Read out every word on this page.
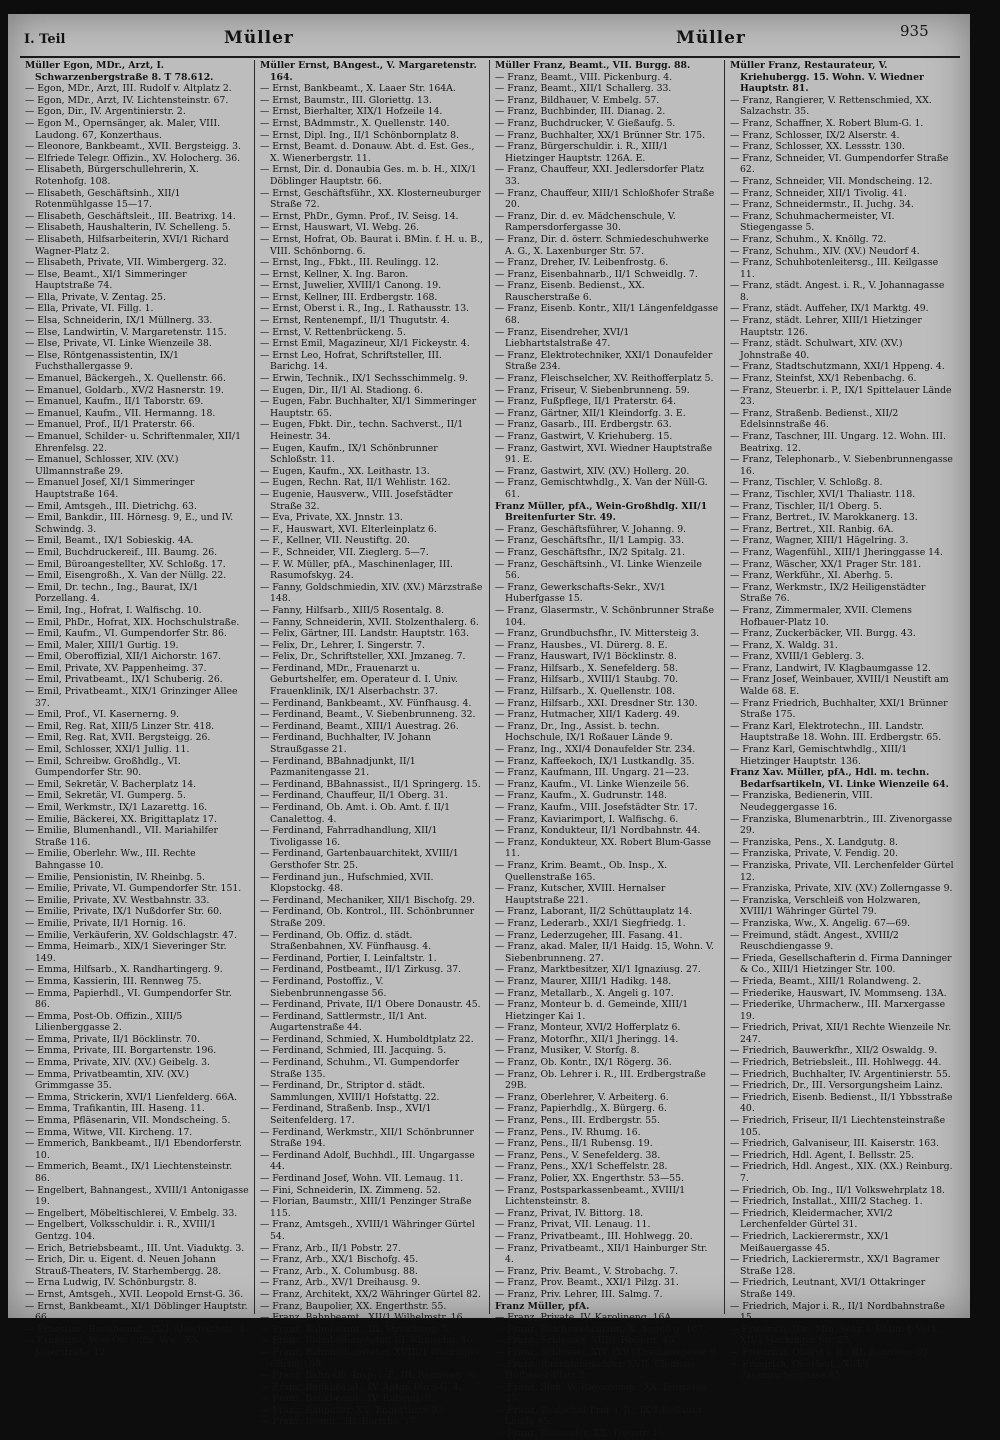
I. Teil	Müller	Müller	935

Müller Egon, MDr., Arzt, I. Schwarzenbergstraße 8. T 78.612.

— Egon, MDr., Arzt, III. Rudolf v. Altplatz 2.

— Egon, MDr., Arzt, IV. Lichtensteinstr. 67.

— Egon, Dir., IV. Argentinierstr. 2.

— Egon M., Opernsänger, ak. Maler, VIII. Laudong. 67, Konzerthaus.

— Eleonore, Bankbeamt., XVII. Bergsteigg. 3.

— Elfriede Telegr. Offizin., XV. Holocherg. 36.

— Elisabeth, Bürgerschullehrerin, X. Rotenhofg. 108.

— Elisabeth, Geschäftsinh., XII/1 Rotenmühlgasse 15—17.

— Elisabeth, Geschäftsleit., III. Beatrixg. 14.

— Elisabeth, Haushalterin, IV. Schelleng. 5.

— Elisabeth, Hilfsarbeiterin, XVI/1 Richard Wagner-Platz 2.

— Elisabeth, Private, VII. Wimbergerg. 32.

— Else, Beamt., XI/1 Simmeringer Hauptstraße 74.

— Ella, Private, V. Zentag. 25.

— Ella, Private, VI. Fillg. 1.

— Elsa, Schneiderin, IX/1 Müllnerg. 33.

— Else, Landwirtin, V. Margaretenstr. 115.

— Else, Private, VI. Linke Wienzeile 38.

— Else, Röntgenassistentin, IX/1 Fuchsthallergasse 9.

— Emanuel, Bäckergeh., X. Quellenstr. 66.

— Emanuel, Goldarb., XV/2 Hasnerstr. 19.

— Emanuel, Kaufm., II/1 Taborstr. 69.

— Emanuel, Kaufm., VII. Hermanng. 18.

— Emanuel, Prof., II/1 Praterstr. 66.

— Emanuel, Schilder- u. Schriftenmaler, XII/1 Ehrenfelsg. 22.

— Emanuel, Schlosser, XIV. (XV.) Ullmannstraße 29.

— Emanuel Josef, XI/1 Simmeringer Hauptstraße 164.

— Emil, Amtsgeh., III. Dietrichg. 63.

— Emil, Bankdir., III. Hörnesg. 9, E., und IV. Schwindg. 3.

— Emil, Beamt., IX/1 Sobieskig. 4A.

— Emil, Buchdruckereif., III. Baumg. 26.

— Emil, Büroangestellter, XV. Schloßg. 17.

— Emil, Eisengroßh., X. Van der Nüllg. 22.

— Emil, Dr. techn., Ing., Baurat, IX/1 Porzellang. 4.

— Emil, Ing., Hofrat, I. Walfischg. 10.

— Emil, PhDr., Hofrat, XIX. Hochschulstraße.

— Emil, Kaufm., VI. Gumpendorfer Str. 86.

— Emil, Maler, XIII/1 Gurtig. 19.

— Emil, Oberoffizial, XII/1 Aichorstr. 167.

— Emil, Private, XV. Pappenheimg. 37.

— Emil, Privatbeamt., IX/1 Schuberig. 26.

— Emil, Privatbeamt., XIX/1 Grinzinger Allee 37.

— Emil, Prof., VI. Kasernerng. 9.

— Emil, Reg. Rat, XIII/5 Linzer Str. 418.

— Emil, Reg. Rat, XVII. Bergsteigg. 26.

— Emil, Schlosser, XXI/1 Jullig. 11.

— Emil, Schreibw. Großhdlg., VI. Gumpendorfer Str. 90.

— Emil, Sekretär, V. Bacherplatz 14.

— Emil, Sekretär, VI. Gumperg. 5.

— Emil, Werkmstr., IX/1 Lazarettg. 16.

— Emilie, Bäckerei, XX. Brigittaplatz 17.

— Emilie, Blumenhandl., VII. Mariahilfer Straße 116.

— Emilie, Oberlehr. Ww., III. Rechte Bahngasse 10.

— Emilie, Pensionistin, IV. Rheinbg. 5.

— Emilie, Private, VI. Gumpendorfer Str. 151.

— Emilie, Private, XV. Westbahnstr. 33.

— Emilie, Private, IX/1 Nußdorfer Str. 60.

— Emilie, Private, II/1 Hornig. 16.

— Emilie, Verkäuferin, XV. Goldschlagstr. 47.

— Emma, Heimarb., XIX/1 Sieveringer Str. 149.

— Emma, Hilfsarb., X. Randhartingerg. 9.

— Emma, Kassierin, III. Rennweg 75.

— Emma, Papierhdl., VI. Gumpendorfer Str. 86.

— Emma, Post-Ob. Offizin., XIII/5 Lilienberggasse 2.

— Emma, Private, II/1 Böcklinstr. 70.

— Emma, Private, III. Borgartenstr. 196.

— Emma, Private, XIV. (XV.) Geibelg. 3.

— Emma, Privatbeamtin, XIV. (XV.) Grimmgasse 35.

— Emma, Strickerin, XVI/1 Lienfelderg. 66A.

— Emma, Trafikantin, III. Haseng. 11.

— Emma, Pfläsenarin, VII. Mondscheing. 5.

— Emma, Witwe, VII. Kircheng. 17.

— Emmerich, Bankbeamt., II/1 Ebendorferstr. 10.

— Emmerich, Beamt., IX/1 Liechtensteinstr. 86.

— Engelbert, Bahnangest., XVIII/1 Antonigasse 19.

— Engelbert, Möbeltischlerei, V. Embelg. 33.

— Engelbert, Volksschuldir. i. R., XVIII/1 Gentzg. 104.

— Erich, Betriebsbeamt., III. Unt. Viaduktg. 3.

— Erich, Dir. u. Eigent. d. Neuen Johann Strauß-Theaters, IV. Starhembergg. 28.

— Erna Ludwig, IV. Schönburgstr. 8.

— Ernst, Amtsgeh., XVII. Leopold Ernst-G. 36.

— Ernst, Bankbeamt., XI/1 Döblinger Hauptstr. 66.

— Ernestine, Bankbeamt., IX/1 Alserbachstr. 3.

— Ernestine, Post-Ob. Offiz. Ww., XX. Jägerstraße 12.

Müller Ernst, BAngest., V. Margaretenstr. 164.

— Ernst, Bankbeamt., X. Laaer Str. 164A.

— Ernst, Baumstr., III. Gloriettg. 13.

— Ernst, Bierhalter, XIX/1 Hofzeile 14.

— Ernst, BAdmmstr., X. Quellenstr. 140.

— Ernst, Dipl. Ing., II/1 Schönbornplatz 8.

— Ernst, Beamt. d. Donauw. Abt. d. Est. Ges., X. Wienerbergstr. 11.

— Ernst, Dir. d. Donaubia Ges. m. b. H., XIX/1 Döblinger Hauptstr. 66.

— Ernst, Geschäftsführ., XX. Klosterneuburger Straße 72.

— Ernst, PhDr., Gymn. Prof., IV. Seisg. 14.

— Ernst, Hauswart, VI. Webg. 26.

— Ernst, Hofrat, Ob. Baurat i. BMin. f. H. u. B., VIII. Schönborng. 6.

— Ernst, Ing., Fbkt., III. Reulingg. 12.

— Ernst, Kellner, X. Ing. Baron.

— Ernst, Juwelier, XVIII/1 Canong. 19.

— Ernst, Kellner, III. Erdbergstr. 168.

— Ernst, Oberst i. R., Ing., I. Rathausstr. 13.

— Ernst, Rentenempf., II/1 Thugutstr. 4.

— Ernst, V. Rettenbrückeng. 5.

— Ernst Emil, Magazineur, XI/1 Fickeystr. 4.

— Ernst Leo, Hofrat, Schriftsteller, III. Barichg. 14.

— Erwin, Technik., IX/1 Sechsschimmelg. 9.

— Eugen, Dir., II/1 Al. Stadiong. 6.

— Eugen, Fabr. Buchhalter, XI/1 Simmeringer Hauptstr. 65.

— Eugen, Fbkt. Dir., techn. Sachverst., II/1 Heinestr. 34.

— Eugen, Kaufm., IX/1 Schönbrunner Schloßstr. 11.

— Eugen, Kaufm., XX. Leithastr. 13.

— Eugen, Rechn. Rat, II/1 Wehlistr. 162.

— Eugenie, Hausverw., VIII. Josefstädter Straße 32.

— Eva, Private, XX. Jnnstr. 13.

— F., Hauswart, XVI. Elterleinplatz 6.

— F., Kellner, VII. Neustiftg. 20.

— F., Schneider, VII. Zieglerg. 5—7.

— F. W. Müller, pfA., Maschinenlager, III. Rasumofskyg. 24.

— Fanny, Goldschmiedin, XIV. (XV.) Märzstraße 148.

— Fanny, Hilfsarb., XIII/5 Rosentalg. 8.

— Fanny, Schneiderin, XVII. Stolzenthalerg. 6.

— Felix, Gärtner, III. Landstr. Hauptstr. 163.

— Felix, Dr., Lehrer, I. Singerstr. 7.

— Felix, Dr., Schriftsteller, XXI. Jmzaneg. 7.

— Ferdinand, MDr., Frauenarzt u. Geburtshelfer, em. Operateur d. I. Univ. Frauenklinik, IX/1 Alserbachstr. 37.

— Ferdinand, Bankbeamt., XV. Fünfhausg. 4.

— Ferdinand, Beamt., V. Siebenbrunneng. 32.

— Ferdinand, Beamt., XIII/1 Auestrag. 26.

— Ferdinand, Buchhalter, IV. Johann Straußgasse 21.

— Ferdinand, BBahnadjunkt, II/1 Pazmanitengasse 21.

— Ferdinand, BBahnassist., II/1 Springerg. 15.

— Ferdinand, Chauffeur, II/1 Oberg. 31.

— Ferdinand, Ob. Amt. i. Ob. Amt. f. II/1 Canalettog. 4.

— Ferdinand, Fahrradhandlung, XII/1 Tivoligasse 16.

— Ferdinand, Gartenbauarchitekt, XVIII/1 Gersthofer Str. 25.

— Ferdinand jun., Hufschmied, XVII. Klopstockg. 48.

— Ferdinand, Mechaniker, XII/1 Bischofg. 29.

— Ferdinand, Ob. Kontrol., III. Schönbrunner Straße 209.

— Ferdinand, Ob. Offiz. d. städt. Straßenbahnen, XV. Fünfhausg. 4.

— Ferdinand, Portier, I. Leinfaltstr. 1.

— Ferdinand, Postbeamt., II/1 Zirkusg. 37.

— Ferdinand, Postoffiz., V. Siebenbrunnengasse 56.

— Ferdinand, Private, II/1 Obere Donaustr. 45.

— Ferdinand, Sattlermstr., II/1 Ant. Augartenstraße 44.

— Ferdinand, Schmied, X. Humboldtplatz 22.

— Ferdinand, Schmied, III. Jacquing. 5.

— Ferdinand, Schuhm., VI. Gumpendorfer Straße 135.

— Ferdinand, Dr., Striptor d. städt. Sammlungen, XVIII/1 Hofstattg. 22.

— Ferdinand, Straßenb. Insp., XVI/1 Seitenfelderg. 17.

— Ferdinand, Werkmstr., XII/1 Schönbrunner Straße 194.

— Ferdinand Adolf, Buchhdl., III. Ungargasse 44.

— Ferdinand Josef, Wohn. VII. Lemaug. 11.

— Fini, Schneiderin, IX. Zimmeng. 52.

— Florian, Baumstr., XIII/1 Penzinger Straße 115.

— Franz, Amtsgeh., XVIII/1 Währinger Gürtel 54.

— Franz, Arb., II/1 Pobstr. 27.

— Franz, Arb., XX/1 Bischofg. 45.

— Franz, Arb., X. Columbusg. 88.

— Franz, Arb., XV/1 Dreihausg. 9.

— Franz, Architekt, XX/2 Währinger Gürtel 82.

— Franz, Baupolier, XX. Engerthstr. 55.

— Franz, Bahnbeamt., XII/1 Wilhelmstr. 16.

— Franz, Bahnbeamt., III. Streicherg. 5.

— Franz, Bahnbediensteter, III. Klimschg. 40.

— Franz, Bahnbediensteter, XVIII/1 Währinger Gürtel 160.

— Franz, Bahn-Ob. Insp. i. P., III. Rennweg 96.

— Franz, Bankbeamt., IV. Anton Burg-G. 4.

— Franz, Bankbeamt., IV. Rubeng. 9.

— Franz, Baupolier, XX. Engerthstr. 93.

— Franz, Beamt., III. Baricha. 17.

Müller Franz, Beamt., VII. Burgg. 88.

— Franz, Beamt., VIII. Pickenburg. 4.

— Franz, Beamt., XII/1 Schallerg. 33.

— Franz, Bildhauer, V. Embelg. 57.

— Franz, Buchbinder, III. Dianag. 2.

— Franz, Buchdrucker, V. Gießaufg. 5.

— Franz, Buchhalter, XX/1 Brünner Str. 175.

— Franz, Bürgerschuldir. i. R., XIII/1 Hietzinger Hauptstr. 126A. E.

— Franz, Chauffeur, XXI. Jedlersdorfer Platz 33.

— Franz, Chauffeur, XIII/1 Schloßhofer Straße 20.

— Franz, Dir. d. ev. Mädchenschule, V. Rampersdorfergasse 30.

— Franz, Dir. d. österr. Schmiedeschuhwerke A. G., X. Laxenburger Str. 57.

— Franz, Dreher, IV. Leibenfrostg. 6.

— Franz, Eisenbahnarb., II/1 Schweidlg. 7.

— Franz, Eisenb. Bedienst., XX. Rauscherstraße 6.

— Franz, Eisenb. Kontr., XII/1 Längenfeldgasse 68.

— Franz, Eisendreher, XVI/1 Liebhartstalstraße 47.

— Franz, Elektrotechniker, XXI/1 Donaufelder Straße 234.

— Franz, Fleischselcher, XV. Reithofferplatz 5.

— Franz, Friseur, V. Siebenbrunneng. 59.

— Franz, Fußpflege, II/1 Praterstr. 64.

— Franz, Gärtner, XII/1 Kleindorfg. 3. E.

— Franz, Gasarb., III. Erdbergstr. 63.

— Franz, Gastwirt, V. Kriehuberg. 15.

— Franz, Gastwirt, XVI. Wiedner Hauptstraße 91. E.

— Franz, Gastwirt, XIV. (XV.) Hollerg. 20.

— Franz, Gemischtwhdlg., X. Van der Nüll-G. 61.

Franz Müller, pfA., Wein-Großhdlg. XII/1 Breitenfurter Str. 49.

— Franz, Geschäftsführer, V. Johanng. 9.

— Franz, Geschäftsfhr., II/1 Lampig. 33.

— Franz, Geschäftsfhr., IX/2 Spitalg. 21.

— Franz, Geschäftsinh., VI. Linke Wienzeile 56.

— Franz, Gewerkschafts-Sekr., XV/1 Huberfgasse 15.

— Franz, Glasermstr., V. Schönbrunner Straße 104.

— Franz, Grundbuchsfhr., IV. Mittersteig 3.

— Franz, Hausbes., VI. Dürerg. 8. E.

— Franz, Hauswart, IV/1 Böcklinstr. 8.

— Franz, Hilfsarb., X. Senefelderg. 58.

— Franz, Hilfsarb., XVIII/1 Staubg. 70.

— Franz, Hilfsarb., X. Quellenstr. 108.

— Franz, Hilfsarb., XXI. Dresdner Str. 130.

— Franz, Hutmacher, XII/1 Kaderg. 49.

— Franz, Dr., Ing., Assist. b. techn. Hochschule, IX/1 Roßauer Lände 9.

— Franz, Ing., XXI/4 Donaufelder Str. 234.

— Franz, Kaffeekoch, IX/1 Lustkandlg. 35.

— Franz, Kaufmann, III. Ungarg. 21—23.

— Franz, Kaufm., VI. Linke Wienzeile 56.

— Franz, Kaufm., X. Gudrunstr. 148.

— Franz, Kaufm., VIII. Josefstädter Str. 17.

— Franz, Kaviarimport, I. Walfischg. 6.

— Franz, Kondukteur, II/1 Nordbahnstr. 44.

— Franz, Kondukteur, XX. Robert Blum-Gasse 11.

— Franz, Krim. Beamt., Ob. Insp., X. Quellenstraße 165.

— Franz, Kutscher, XVIII. Hernalser Hauptstraße 221.

— Franz, Laborant, II/2 Schüttauplatz 14.

— Franz, Lederarb., XXI/1 Siegfriedg. 1.

— Franz, Lederzugeher, III. Fasang. 41.

— Franz, akad. Maler, II/1 Haidg. 15, Wohn. V. Siebenbrunneng. 27.

— Franz, Marktbesitzer, XI/1 Ignaziusg. 27.

— Franz, Maurer, XIII/1 Hadikg. 148.

— Franz, Metallarb., X. Angeli g. 107.

— Franz, Monteur b. d. Gemeinde, XIII/1 Hietzinger Kai 1.

— Franz, Monteur, XVI/2 Hofferplatz 6.

— Franz, Motorfhr., XII/1 Jheringg. 14.

— Franz, Musiker, V. Storfg. 8.

— Franz, Ob. Kontr., IX/1 Rögerg. 36.

— Franz, Ob. Lehrer i. R., III. Erdbergstraße 29B.

— Franz, Oberlehrer, V. Arbeiterg. 6.

— Franz, Papierhdlg., X. Bürgerg. 6.

— Franz, Pens., III. Erdbergstr. 55.

— Franz, Pens., IV. Rhumg. 16.

— Franz, Pens., II/1 Rubensg. 19.

— Franz, Pens., V. Senefelderg. 38.

— Franz, Pens., XX/1 Scheffelstr. 28.

— Franz, Polier, XX. Engerthstr. 53—55.

— Franz, Postsparkassenbeamt., XVIII/1 Lichtensteinstr. 8.

— Franz, Privat, IV. Bittorg. 18.

— Franz, Privat, VII. Lenaug. 11.

— Franz, Privatbeamt., III. Hohlwegg. 20.

— Franz, Privatbeamt., XII/1 Hainburger Str. 4.

— Franz, Priv. Beamt., V. Strobachg. 7.

— Franz, Prov. Beamt., XXI/1 Pilzg. 31.

— Franz, Priv. Lehrer, III. Salmg. 7.

Franz Müller, pfA.

— Franz, Private, IV. Karolineng. 16A.

— Franz, Reichswehrmann, X. Angeli g. 107.

— Franz, Schlosser, XIII/1 Hollerg. 45.

— Franz, Schlosser, XIV. (XV.) Dreihausgasse 9.

— Franz, Rauchfangkehrer, XVII. Clemens Hofbauer-Platz 5.

— Franz, Sich. W. Rayonsinsp., XX. Bergasse 25.

— Franz, Realschul-Prof. i. R., IX/1 Roßauer Lände 45.

— Franz, Reisender, XX. Treustr. 15.

Müller Franz, Restaurateur, V. Kriehubergg. 15. Wohn. V. Wiedner Hauptstr. 81.

— Franz, Rangierer, V. Rettenschmied, XX. Salzachstr. 35.

— Franz, Schaffner, X. Robert Blum-G. 1.

— Franz, Schlosser, IX/2 Alserstr. 4.

— Franz, Schlosser, XX. Lessstr. 130.

— Franz, Schneider, VI. Gumpendorfer Straße 62.

— Franz, Schneider, VII. Mondscheing. 12.

— Franz, Schneider, XII/1 Tivolig. 41.

— Franz, Schneidermstr., II. Juchg. 34.

— Franz, Schuhmachermeister, VI. Stiegengasse 5.

— Franz, Schuhm., X. Knöllg. 72.

— Franz, Schuhm., XIV. (XV.) Neudorf 4.

— Franz, Schuhbotenleitersg., III. Keilgasse 11.

— Franz, städt. Angest. i. R., V. Johannagasse 8.

— Franz, städt. Auffeher, IX/1 Marktg. 49.

— Franz, städt. Lehrer, XIII/1 Hietzinger Hauptstr. 126.

— Franz, städt. Schulwart, XIV. (XV.) Johnstraße 40.

— Franz, Stadtschutzmann, XXI/1 Hppeng. 4.

— Franz, Steinfst, XX/1 Rebenbachg. 6.

— Franz, Steuerbr. i. P., IX/1 Spittelauer Lände 23.

— Franz, Straßenb. Bedienst., XII/2 Edelsinnstraße 46.

— Franz, Taschner, III. Ungarg. 12. Wohn. III. Beatrixg. 12.

— Franz, Telephonarb., V. Siebenbrunnengasse 16.

— Franz, Tischler, V. Schloßg. 8.

— Franz, Tischler, XVI/1 Thaliastr. 118.

— Franz, Tischler, II/1 Oberg. 5.

— Franz, Bertret., IV. Marokkanerg. 13.

— Franz, Bertret., XII. Ranbig. 6A.

— Franz, Wagner, XIII/1 Hägelring. 3.

— Franz, Wagenfühl., XIII/1 Jheringgasse 14.

— Franz, Wäscher, XX/1 Prager Str. 181.

— Franz, Werkführ., XI. Aberhg. 5.

— Franz, Werkmstr., IX/2 Heiligenstädter Straße 76.

— Franz, Zimmermaler, XVII. Clemens Hofbauer-Platz 10.

— Franz, Zuckerbäcker, VII. Burgg. 43.

— Franz, X. Waldg. 31.

— Franz, XVIII/1 Geblerg. 3.

— Franz, Landwirt, IV. Klagbaumgasse 12.

— Franz Josef, Weinbauer, XVIII/1 Neustift am Walde 68. E.

— Franz Friedrich, Buchhalter, XXI/1 Brünner Straße 175.

— Franz Karl, Elektrotechn., III. Landstr. Hauptstraße 18. Wohn. III. Erdbergstr. 65.

— Franz Karl, Gemischtwhdlg., XIII/1 Hietzinger Hauptstr. 136.

Franz Xav. Müller, pfA., Hdl. m. techn. Bedarfsartikeln, VI. Linke Wienzeile 64.

— Franziska, Bedienerin, VIII. Neudeggergasse 16.

— Franziska, Blumenarbtrin., III. Zivenorgasse 29.

— Franziska, Pens., X. Landgutg. 8.

— Franziska, Private, V. Fendig. 20.

— Franziska, Private, VII. Lerchenfelder Gürtel 12.

— Franziska, Private, XIV. (XV.) Zollerngasse 9.

— Franziska, Verschleiß von Holzwaren, XVIII/1 Währinger Gürtel 79.

— Franziska, Ww., X. Angelig. 67—69.

— Freimund, städt. Angest., XVIII/2 Reuschdiengasse 9.

— Frieda, Gesellschafterin d. Firma Danninger & Co., XIII/1 Hietzinger Str. 100.

— Frieda, Beamt., XIII/1 Rolandweng. 2.

— Friederike, Hauswart, IV. Mommseng. 13A.

— Friederike, Uhrmacherw., III. Marxergasse 19.

— Friedrich, Privat, XII/1 Rechte Wienzeile Nr. 247.

— Friedrich, Bauwerkfhr., XII/2 Oswaldg. 9.

— Friedrich, Betriebsleit., III. Hohlwegg. 44.

— Friedrich, Buchhalter, IV. Argentinierstr. 55.

— Friedrich, Dr., III. Versorgungsheim Lainz.

— Friedrich, Eisenb. Bedienst., II/1 Ybbsstraße 40.

— Friedrich, Friseur, II/1 Liechtensteinstraße 105.

— Friedrich, Galvaniseur, III. Kaiserstr. 163.

— Friedrich, Hdl. Agent, I. Bellsstr. 25.

— Friedrich, Hdl. Angest., XIX. (XX.) Reinburg. 7.

— Friedrich, Ob. Ing., II/1 Volkswehrplatz 18.

— Friedrich, Installat., XIII/2 Stacheg. 1.

— Friedrich, Kleidermacher, XVI/2 Lerchenfelder Gürtel 31.

— Friedrich, Lackierermstr., XX/1 Meißauergasse 45.

— Friedrich, Lackierermstr., XX/1 Bagramer Straße 128.

— Friedrich, Leutnant, XVI/1 Ottakringer Straße 149.

— Friedrich, Major i. R., II/1 Nordbahnstraße 15.

— Friedrich, JDr., Min. Sekr. i. BMin. f. Verk., XII/1 Hackinger Str. 25.

— Friedrich, Oberst i. R., III. Rennweg 89.

— Friedrich, Oberleut., XIII/1 Fasangartengasse 85.
